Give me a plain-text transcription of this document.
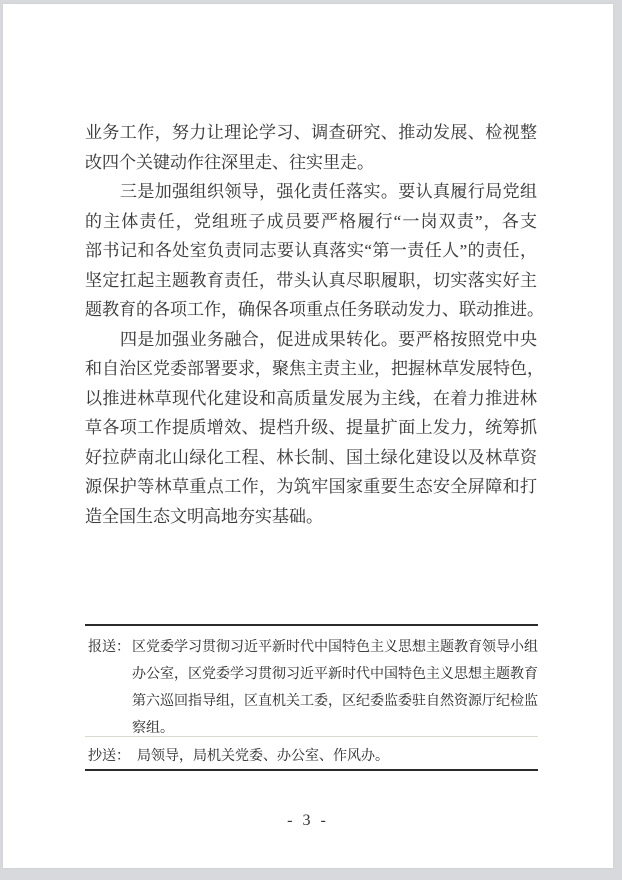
业务工作，努力让理论学习、调查研究、推动发展、检视整
改四个关键动作往深里走、往实里走。
三是加强组织领导，强化责任落实。要认真履行局党组
的主体责任，党组班子成员要严格履行“一岗双责”，各支
部书记和各处室负责同志要认真落实“第一责任人”的责任，
坚定扛起主题教育责任，带头认真尽职履职，切实落实好主
题教育的各项工作，确保各项重点任务联动发力、联动推进。
四是加强业务融合，促进成果转化。要严格按照党中央
和自治区党委部署要求，聚焦主责主业，把握林草发展特色，
以推进林草现代化建设和高质量发展为主线，在着力推进林
草各项工作提质增效、提档升级、提量扩面上发力，统筹抓
好拉萨南北山绿化工程、林长制、国土绿化建设以及林草资
源保护等林草重点工作，为筑牢国家重要生态安全屏障和打
造全国生态文明高地夯实基础。
报送： 区党委学习贯彻习近平新时代中国特色主义思想主题教育领导小组
办公室，区党委学习贯彻习近平新时代中国特色主义思想主题教育
第六巡回指导组，区直机关工委，区纪委监委驻自然资源厅纪检监
察组。
抄送： 局领导，局机关党委、办公室、作风办。
- 3 -
